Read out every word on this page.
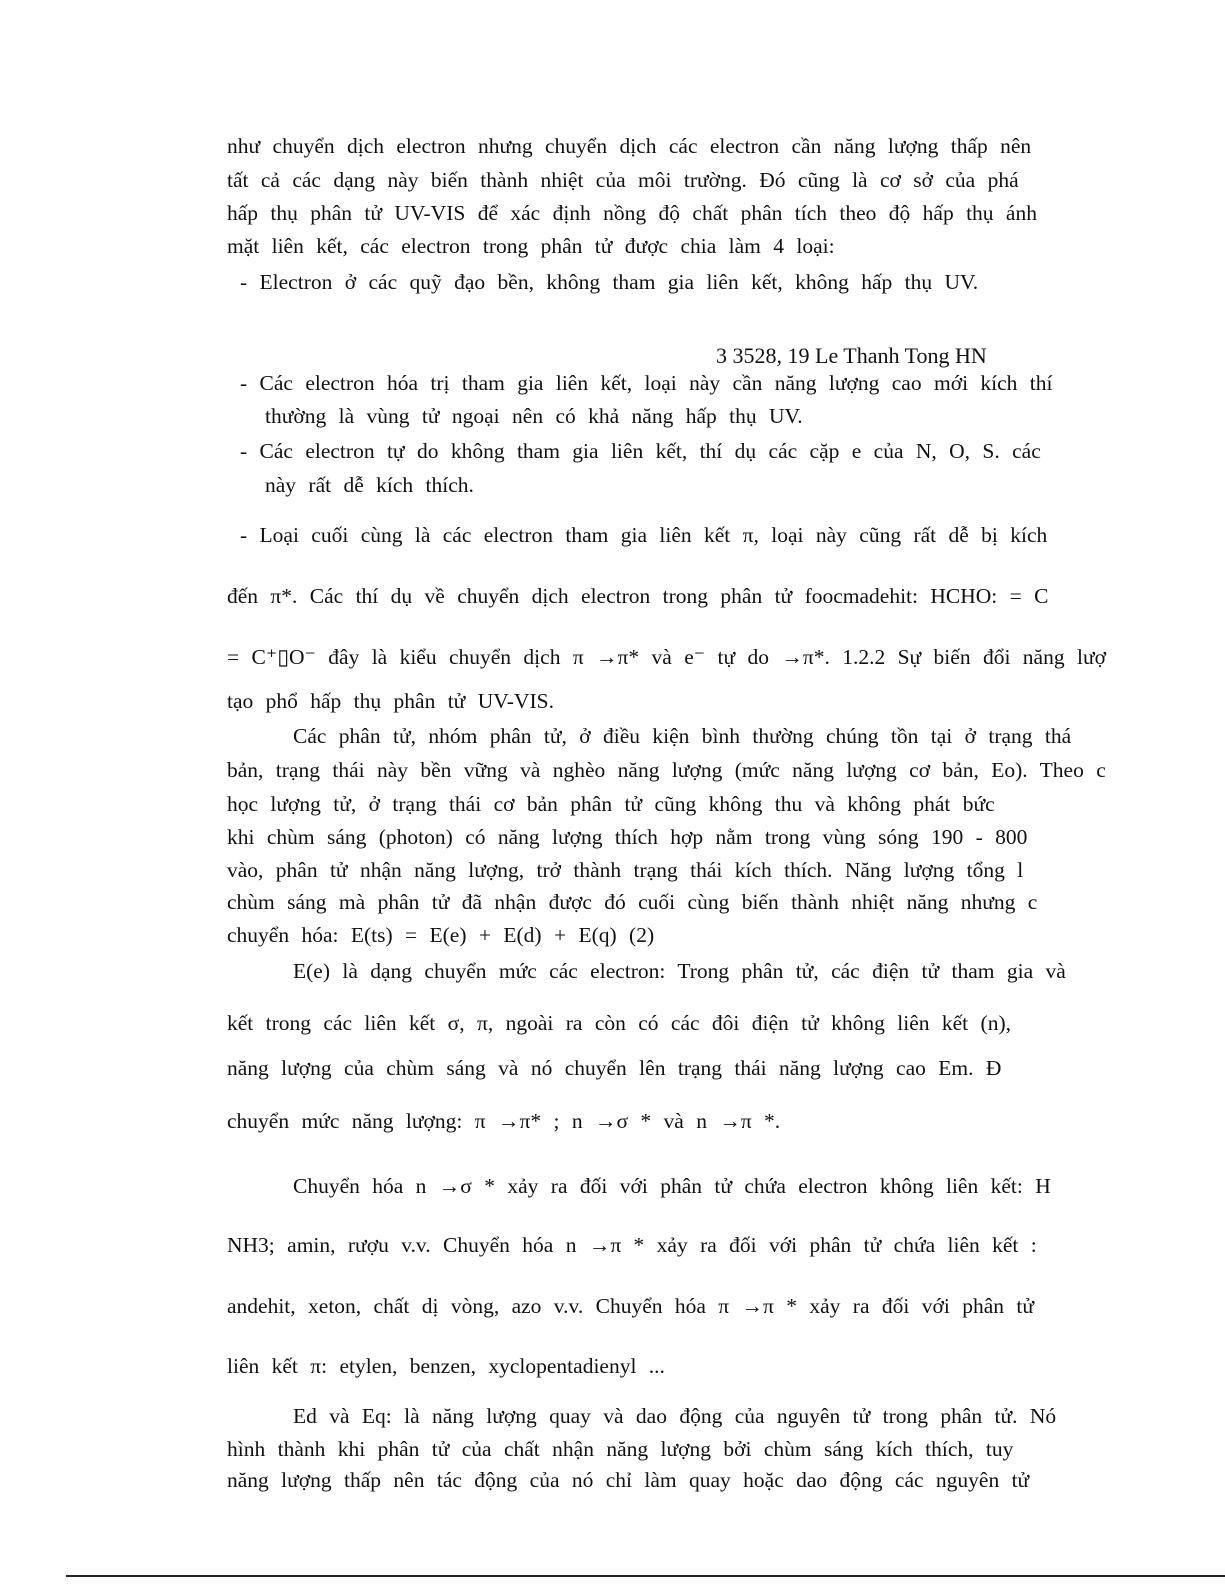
như chuyển dịch electron nhưng chuyển dịch các electron cần năng lượng thấp nên
tất cả các dạng này biến thành nhiệt của môi trường. Đó cũng là cơ sở của phá
hấp thụ phân tử UV-VIS để xác định nồng độ chất phân tích theo độ hấp thụ ánh
mặt liên kết, các electron trong phân tử được chia làm 4 loại:
- Electron ở các quỹ đạo bền, không tham gia liên kết, không hấp thụ UV.
3 3528, 19 Le Thanh Tong HN
- Các electron hóa trị tham gia liên kết, loại này cần năng lượng cao mới kích thí
thường là vùng tử ngoại nên có khả năng hấp thụ UV.
- Các electron tự do không tham gia liên kết, thí dụ các cặp e của N, O, S. các
này rất dễ kích thích.
- Loại cuối cùng là các electron tham gia liên kết π, loại này cũng rất dễ bị kích
đến π*. Các thí dụ về chuyển dịch electron trong phân tử foocmadehit: HCHO: = C
= C⁺▯O⁻ đây là kiểu chuyển dịch π →π* và e⁻ tự do →π*. 1.2.2 Sự biến đổi năng lượ
tạo phổ hấp thụ phân tử UV-VIS.
Các phân tử, nhóm phân tử, ở điều kiện bình thường chúng tồn tại ở trạng thá
bản, trạng thái này bền vững và nghèo năng lượng (mức năng lượng cơ bản, Eo). Theo c
học lượng tử, ở trạng thái cơ bản phân tử cũng không thu và không phát bức
khi chùm sáng (photon) có năng lượng thích hợp nằm trong vùng sóng 190 - 800
vào, phân tử nhận năng lượng, trở thành trạng thái kích thích. Năng lượng tổng l
chùm sáng mà phân tử đã nhận được đó cuối cùng biến thành nhiệt năng nhưng c
chuyển hóa: E(ts) = E(e) + E(d) + E(q) (2)
E(e) là dạng chuyển mức các electron: Trong phân tử, các điện tử tham gia và
kết trong các liên kết σ, π, ngoài ra còn có các đôi điện tử không liên kết (n),
năng lượng của chùm sáng và nó chuyển lên trạng thái năng lượng cao Em. Đ
chuyển mức năng lượng: π →π* ; n →σ * và n →π *.
Chuyển hóa n →σ * xảy ra đối với phân tử chứa electron không liên kết: H
NH3; amin, rượu v.v. Chuyển hóa n →π * xảy ra đối với phân tử chứa liên kết :
andehit, xeton, chất dị vòng, azo v.v. Chuyển hóa π →π * xảy ra đối với phân tử
liên kết π: etylen, benzen, xyclopentadienyl ...
Ed và Eq: là năng lượng quay và dao động của nguyên tử trong phân tử. Nó
hình thành khi phân tử của chất nhận năng lượng bởi chùm sáng kích thích, tuy
năng lượng thấp nên tác động của nó chỉ làm quay hoặc dao động các nguyên tử
